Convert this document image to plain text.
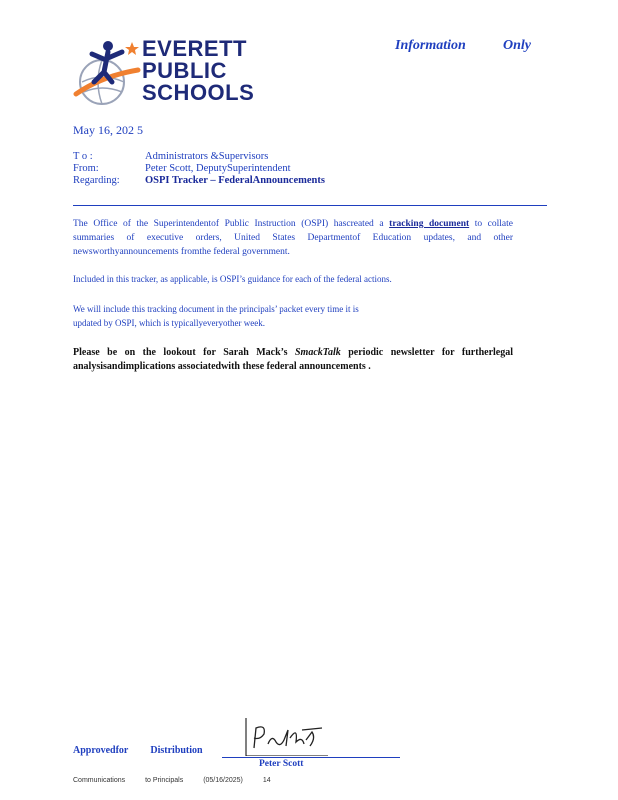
EVERETT
PUBLIC
SCHOOLS
Information	Only
May 16, 202 5
T o :	Administrators &Supervisors
From:	Peter Scott, DeputySuperintendent
Regarding: OSPI Tracker – FederalAnnouncements

The Office of the Superintendentof Public Instruction (OSPI) hascreated a tracking document to collate summaries of executive orders, United States Departmentof Education updates, and other newsworthyannouncements fromthe federal government.

Included in this tracker, as applicable, is OSPI’s guidance for each of the federal actions.

We will include this tracking document in the principals’ packet every time it is updated by OSPI, which is typicallyeveryother week.

Please be on the lookout for Sarah Mack’s SmackTalk periodic newsletter for furtherlegal analysisandimplications associatedwith these federal announcements .

Approvedfor Distribution
Peter Scott
Communications	to Principals	(05/16/2025)	14
